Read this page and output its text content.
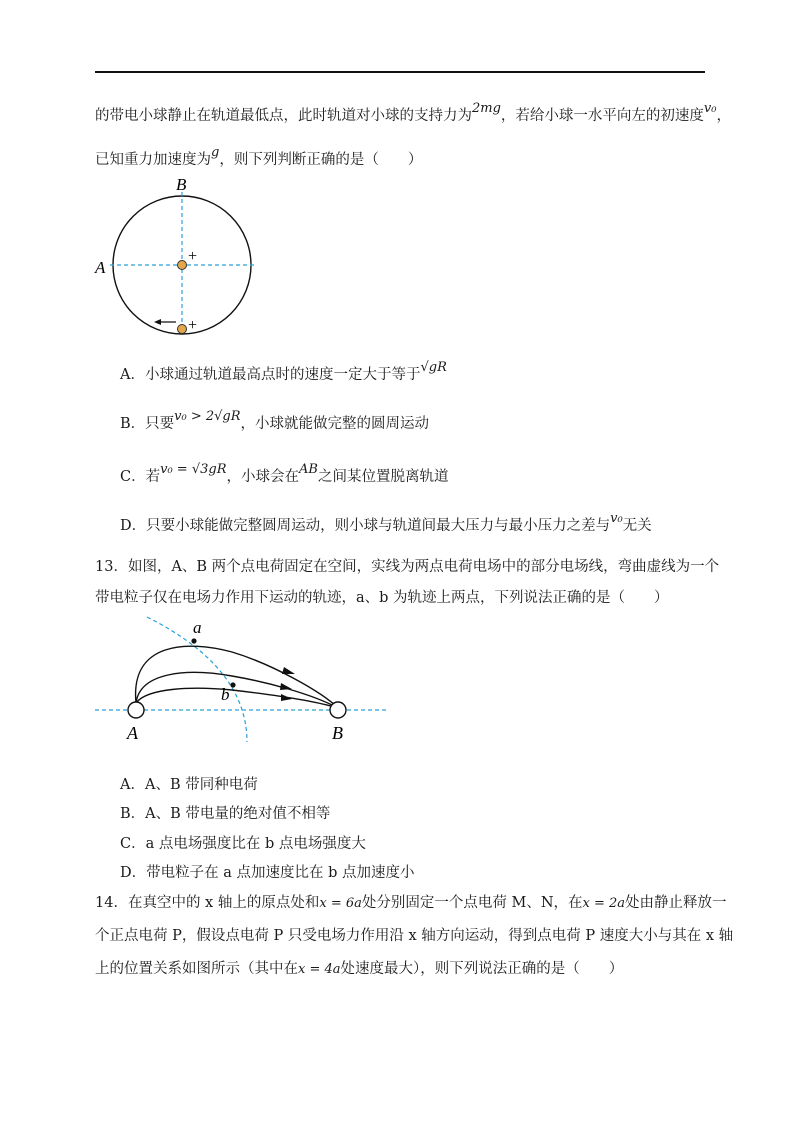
的带电小球静止在轨道最低点，此时轨道对小球的支持力为2mg，若给小球一水平向左的初速度v₀，
已知重力加速度为g，则下列判断正确的是（　　）
+
+
B
A
A．小球通过轨道最高点时的速度一定大于等于√gR
B．只要v₀ > 2√gR，小球就能做完整的圆周运动
C．若v₀ = √3gR，小球会在AB之间某位置脱离轨道
D．只要小球能做完整圆周运动，则小球与轨道间最大压力与最小压力之差与v₀无关
13．如图，A、B 两个点电荷固定在空间，实线为两点电荷电场中的部分电场线，弯曲虚线为一个
带电粒子仅在电场力作用下运动的轨迹，a、b 为轨迹上两点，下列说法正确的是（　　）
a
b
A	B
A．A、B 带同种电荷
B．A、B 带电量的绝对值不相等
C．a 点电场强度比在 b 点电场强度大
D．带电粒子在 a 点加速度比在 b 点加速度小
14．在真空中的 x 轴上的原点处和x = 6a处分别固定一个点电荷 M、N，在x = 2a处由静止释放一
个正点电荷 P，假设点电荷 P 只受电场力作用沿 x 轴方向运动，得到点电荷 P 速度大小与其在 x 轴
上的位置关系如图所示（其中在x = 4a处速度最大），则下列说法正确的是（　　）
